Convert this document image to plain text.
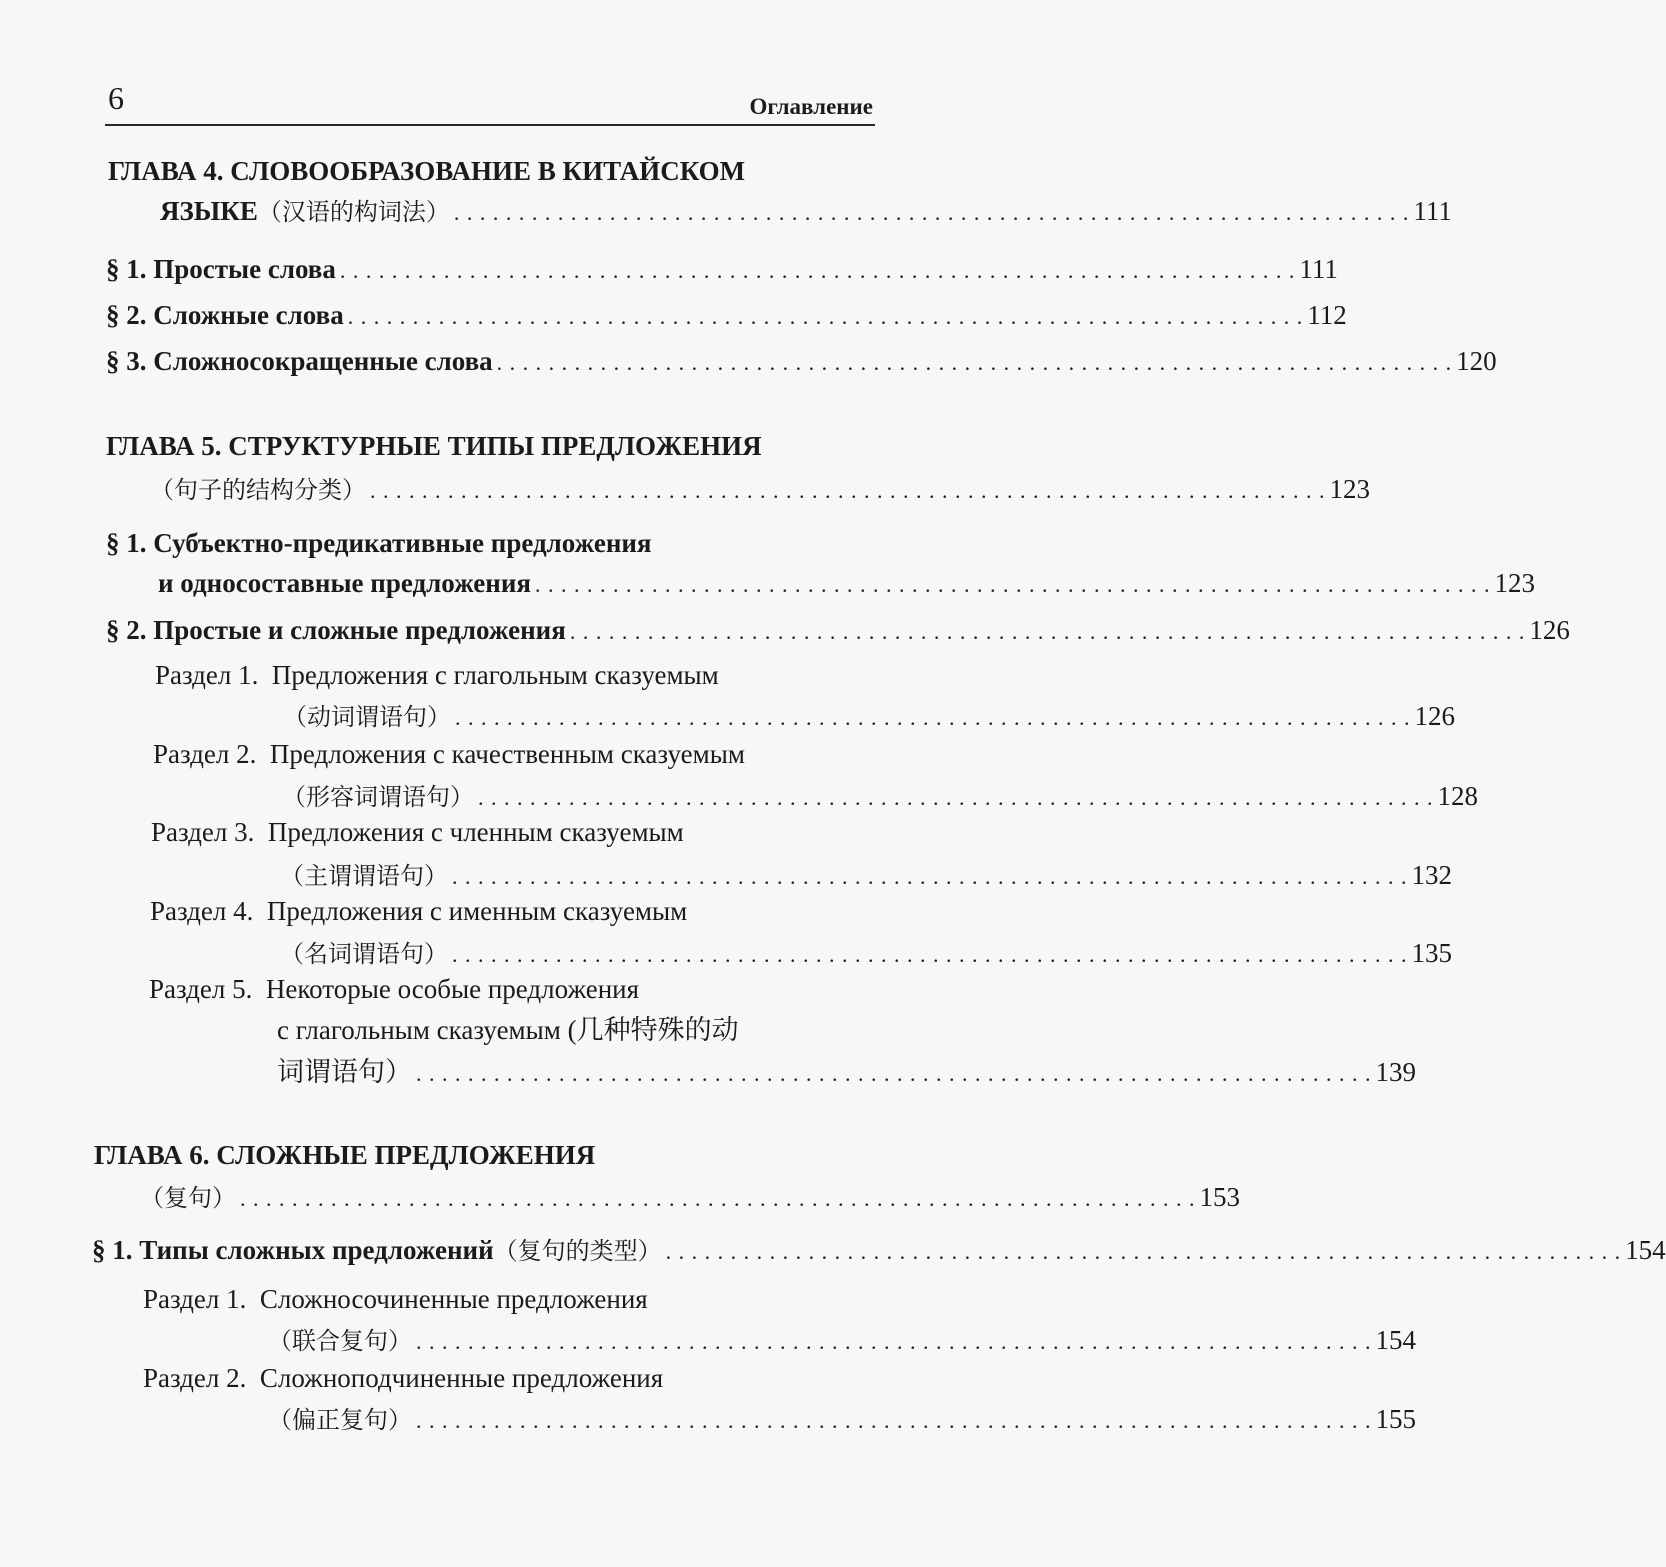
6	Оглавление
ГЛАВА 4. СЛОВООБРАЗОВАНИЕ В КИТАЙСКОМ
ЯЗЫКЕ （汉语的构词法） . . . . . . . . . . . . . . . . . . . . . . . . . . . . . . . . . . . . . . . . . . . . . . . . . . . . . . . . . . . . . . . . . . . . . . . . . . 111
§ 1. Простые слова . . . . . . . . . . . . . . . . . . . . . . . . . . . . . . . . . . . . . . . . . . . . . . . . . . . . . . . . . . . . . . . . . . . . . . . . . . 111
§ 2. Сложные слова . . . . . . . . . . . . . . . . . . . . . . . . . . . . . . . . . . . . . . . . . . . . . . . . . . . . . . . . . . . . . . . . . . . . . . . . . . 112
§ 3. Сложносокращенные слова . . . . . . . . . . . . . . . . . . . . . . . . . . . . . . . . . . . . . . . . . . . . . . . . . . . . . . . . . . . . . . . . . . . . . . . . . . 120
ГЛАВА 5. СТРУКТУРНЫЕ ТИПЫ ПРЕДЛОЖЕНИЯ
（句子的结构分类） . . . . . . . . . . . . . . . . . . . . . . . . . . . . . . . . . . . . . . . . . . . . . . . . . . . . . . . . . . . . . . . . . . . . . . . . . . 123
§ 1. Субъектно-предикативные предложения
и односоставные предложения . . . . . . . . . . . . . . . . . . . . . . . . . . . . . . . . . . . . . . . . . . . . . . . . . . . . . . . . . . . . . . . . . . . . . . . . . . 123
§ 2. Простые и сложные предложения . . . . . . . . . . . . . . . . . . . . . . . . . . . . . . . . . . . . . . . . . . . . . . . . . . . . . . . . . . . . . . . . . . . . . . . . . . 126
Раздел 1. Предложения с глагольным сказуемым
（动词谓语句） . . . . . . . . . . . . . . . . . . . . . . . . . . . . . . . . . . . . . . . . . . . . . . . . . . . . . . . . . . . . . . . . . . . . . . . . . . 126
Раздел 2. Предложения с качественным сказуемым
（形容词谓语句） . . . . . . . . . . . . . . . . . . . . . . . . . . . . . . . . . . . . . . . . . . . . . . . . . . . . . . . . . . . . . . . . . . . . . . . . . . 128
Раздел 3. Предложения с членным сказуемым
（主谓谓语句） . . . . . . . . . . . . . . . . . . . . . . . . . . . . . . . . . . . . . . . . . . . . . . . . . . . . . . . . . . . . . . . . . . . . . . . . . . 132
Раздел 4. Предложения с именным сказуемым
（名词谓语句） . . . . . . . . . . . . . . . . . . . . . . . . . . . . . . . . . . . . . . . . . . . . . . . . . . . . . . . . . . . . . . . . . . . . . . . . . . 135
Раздел 5. Некоторые особые предложения
с глагольным сказуемым (几种特殊的动
词谓语句） . . . . . . . . . . . . . . . . . . . . . . . . . . . . . . . . . . . . . . . . . . . . . . . . . . . . . . . . . . . . . . . . . . . . . . . . . . 139
ГЛАВА 6. СЛОЖНЫЕ ПРЕДЛОЖЕНИЯ
（复句） . . . . . . . . . . . . . . . . . . . . . . . . . . . . . . . . . . . . . . . . . . . . . . . . . . . . . . . . . . . . . . . . . . . . . . . . . . 153
§ 1. Типы сложных предложений （复句的类型） . . . . . . . . . . . . . . . . . . . . . . . . . . . . . . . . . . . . . . . . . . . . . . . . . . . . . . . . . . . . . . . . . . . . . . . . . . 154
Раздел 1. Сложносочиненные предложения
（联合复句） . . . . . . . . . . . . . . . . . . . . . . . . . . . . . . . . . . . . . . . . . . . . . . . . . . . . . . . . . . . . . . . . . . . . . . . . . . 154
Раздел 2. Сложноподчиненные предложения
（偏正复句） . . . . . . . . . . . . . . . . . . . . . . . . . . . . . . . . . . . . . . . . . . . . . . . . . . . . . . . . . . . . . . . . . . . . . . . . . . 155
